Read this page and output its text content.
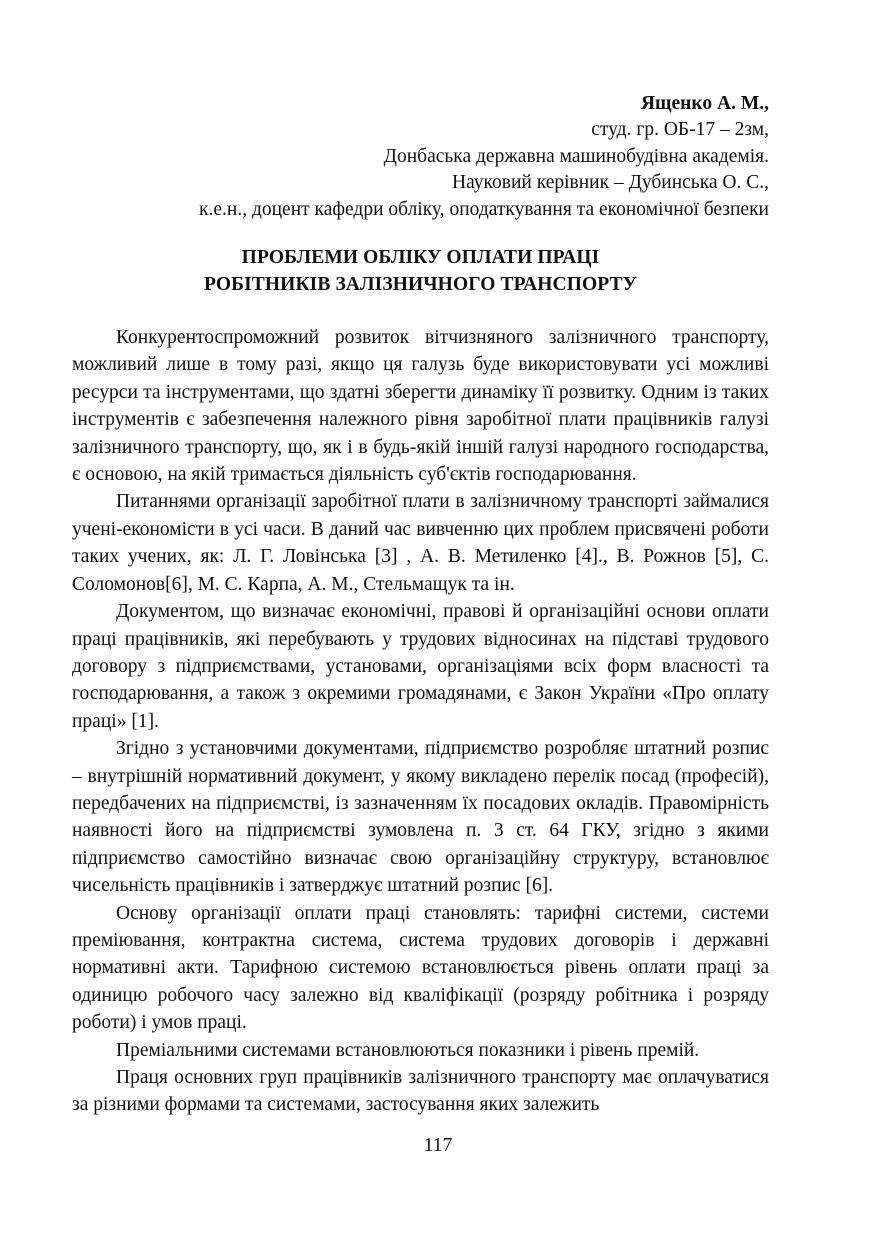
Ященко А. М.,
студ. гр. ОБ-17 – 2зм,
Донбаська державна машинобудівна академія.
Науковий керівник – Дубинська О. С.,
к.е.н., доцент кафедри обліку, оподаткування та економічної безпеки
ПРОБЛЕМИ ОБЛІКУ ОПЛАТИ ПРАЦІ
РОБІТНИКІВ ЗАЛІЗНИЧНОГО ТРАНСПОРТУ

Конкурентоспроможний розвиток вітчизняного залізничного транспорту, можливий лише в тому разі, якщо ця галузь буде використовувати усі можливі ресурси та інструментами, що здатні зберегти динаміку її розвитку. Одним із таких інструментів є забезпечення належного рівня заробітної плати працівників галузі залізничного транспорту, що, як і в будь-якій іншій галузі народного господарства, є основою, на якій тримається діяльність суб'єктів господарювання.

Питаннями організації заробітної плати в залізничному транспорті займалися учені-економісти в усі часи. В даний час вивченню цих проблем присвячені роботи таких учених, як: Л. Г. Ловінська [3] , А. В. Метиленко [4]., В. Рожнов [5], С. Соломонов[6], М. С. Карпа, А. М., Стельмащук та ін.

Документом, що визначає економічні, правові й організаційні основи оплати праці працівників, які перебувають у трудових відносинах на підставі трудового договору з підприємствами, установами, організаціями всіх форм власності та господарювання, а також з окремими громадянами, є Закон України «Про оплату праці» [1].

Згідно з установчими документами, підприємство розробляє штатний розпис – внутрішній нормативний документ, у якому викладено перелік посад (професій), передбачених на підприємстві, із зазначенням їх посадових окладів. Правомірність наявності його на підприємстві зумовлена п. 3 ст. 64 ГКУ, згідно з якими підприємство самостійно визначає свою організаційну структуру, встановлює чисельність працівників і затверджує штатний розпис [6].

Основу організації оплати праці становлять: тарифні системи, системи преміювання, контрактна система, система трудових договорів і державні нормативні акти. Тарифною системою встановлюється рівень оплати праці за одиницю робочого часу залежно від кваліфікації (розряду робітника і розряду роботи) і умов праці.

Преміальними системами встановлюються показники і рівень премій.

Праця основних груп працівників залізничного транспорту має оплачуватися за різними формами та системами, застосування яких залежить

117
